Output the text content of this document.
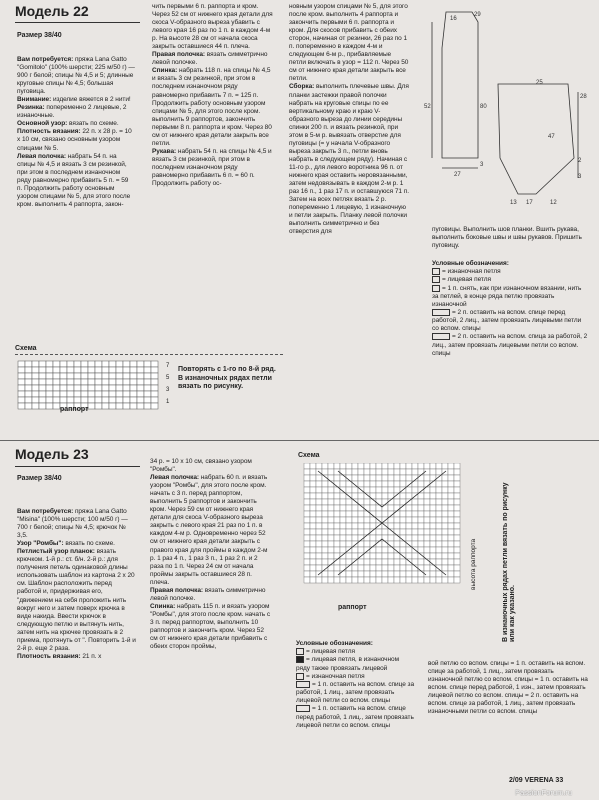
Модель 22
Размер 38/40

Вам потребуется: пряжа Lana Gatto "Gomitolo" (100% шерсти; 225 м/50 г) — 900 г белой; спицы № 4,5 и 5; длинные круговые спицы № 4,5; большая пуговица.

Внимание: изделие вяжется в 2 нити!

Резинка: попеременно 2 лицевые, 2 изнаночные.

Основной узор: вязать по схеме.

Плотность вязания: 22 п. х 28 р. = 10 х 10 см, связано основным узором спицами № 5.

Левая полочка: набрать 54 п. на спицы № 4,5 и вязать 3 см резинкой, при этом в последнем изнаночном ряду равномерно прибавить 5 п. = 59 п. Продолжить работу основным узором спицами № 5, для этого после кром. выполнить 4 раппорта, закон-

чить первыми 6 п. раппорта и кром. Через 52 см от нижнего края детали для скоса V-образного выреза убавить с левого края 16 раз по 1 п. в каждом 4-м р. На высоте 28 см от начала скоса закрыть оставшиеся 44 п. плеча.

Правая полочка: вязать симметрично левой полочке.

Спинка: набрать 118 п. на спицы № 4,5 и вязать 3 см резинкой, при этом в последнем изнаночном ряду равномерно прибавить 7 п. = 125 п. Продолжить работу основным узором спицами № 5, для этого после кром. выполнить 9 раппортов, закончить первыми 8 п. раппорта и кром. Через 80 см от нижнего края детали закрыть все петли.

Рукава: набрать 54 п. на спицы № 4,5 и вязать 3 см резинкой, при этом в последнем изнаночном ряду равномерно прибавить 6 п. = 60 п. Продолжить работу ос-

новным узором спицами № 5, для этого после кром. выполнить 4 раппорта и закончить первыми 6 п. раппорта и кром. Для скосов прибавить с обеих сторон, начиная от резинки, 26 раз по 1 п. попеременно в каждом 4-м и следующем 6-м р., прибавляемые петли включать в узор = 112 п. Через 50 см от нижнего края детали закрыть все петли.

Сборка: выполнить плечевые швы. Для планки застежки правой полочки набрать на круговые спицы по ее вертикальному краю и краю V-образного выреза до линии середины спинки 200 п. и вязать резинкой, при этом в 5-м р. вывязать отверстие для пуговицы (= у начала V-образного выреза закрыть 3 п., петли вновь набрать в следующем ряду). Начиная с 11-го р., для левого воротника 96 п. от нижнего края оставить неровязанными, затем недовязывать в каждом 2-м р. 1 раз 16 п., 1 раз 17 п. и оставшуюся 71 п. Затем на всех петлях вязать 2 р. попеременно 1 лицевую, 1 изнаночную и петли закрыть. Планку левой полочки выполнить симметрично и без отверстия для

29
16
52	80
27
3
25
28
47
2
3
17	12
13

пуговицы. Выполнить шов планки. Вшить рукава, выполнить боковые швы и швы рукавов. Пришить пуговицу.

Условные обозначения:

= изнаночная петля

= лицевая петля

= 1 п. снять, как при изнаночном вязании, нить за петлей, в конце ряда петлю провязать изнаночной

= 2 п. оставить на вспом. спице перед работой, 2 лиц., затем провязать лицевыми петли со вспом. спицы

= 2 п. оставить на вспом. спица за работой, 2 лиц., затем провязать лицевыми петли со вспом. спицы

Схема
7
5
3
1
раппорт
Повторять с 1-го по 8-й ряд. В изнаночных рядах петли вязать по рисунку.
Модель 23
Размер 38/40

Вам потребуется: пряжа Lana Gatto "Misina" (100% шерсти; 100 м/50 г) — 700 г белой; спицы № 4,5; крючок № 3,5.

Узор "Ромбы": вязать по схеме.

Петлистый узор планок: вязать крючком. 1-й р.: ст. б/н. 2-й р.: для получения петель одинаковой длины использовать шаблон из картона 2 х 20 см. Шаблон расположить перед работой и, придерживая его, "движением на себя проложить нить вокруг него и затем поверх крючка в виде накида. Ввести крючок в следующую петлю и вытянуть нить, затем нить на крючке провязать в 2 приема, протянуть от ". Повторить 1-й и 2-й р. еще 2 раза.

Плотность вязания: 21 п. х

34 р. = 10 х 10 см, связано узором "Ромбы".

Левая полочка: набрать 60 п. и вязать узором "Ромбы", для этого после кром. начать с 3 п. перед раппортом, выполнить 5 раппортов и закончить кром. Через 59 см от нижнего края детали для скоса V-образного выреза закрыть с левого края 21 раз по 1 п. в каждом 4-м р. Одновременно через 52 см от нижнего края детали закрыть с правого края для проймы в каждом 2-м р. 1 раз 4 п., 1 раз 3 п., 1 раз 2 п. и 2 раза по 1 п. Через 24 см от начала проймы закрыть оставшиеся 28 п. плеча.

Правая полочка: вязать симметрично левой полочке.

Спинка: набрать 115 п. и вязать узором "Ромбы", для этого после кром. начать с 3 п. перед раппортом, выполнить 10 раппортов и закончить кром. Через 52 см от нижнего края детали прибавить с обеих сторон проймы,

Схема
раппорт
высота раппорта	В изнаночных рядах петли вязать по рисунку или как указано.

Условные обозначения:

= лицевая петля

= лицевая петля, в изнаночном ряду также провязать лицевой

= изнаночная петля

= 1 п. оставить на вспом. спице за работой, 1 лиц., затем провязать лицевой петли со вспом. спицы

= 1 п. оставить на вспом. спице перед работой, 1 лиц., затем провязать лицевой петли со вспом. спицы

вой петлю со вспом. спицы = 1 п. оставить на вспом. спице за работой, 1 лиц., затем провязать изнаночной петлю со вспом. спицы = 1 п. оставить на вспом. спице перед работой, 1 изн., затем провязать лицевой петлю со вспом. спицы = 2 п. оставить на вспом. спице за работой, 1 лиц., затем провязать изнаночными петли со вспом. спицы

2/09 VERENA 33
PassionForum.ru
